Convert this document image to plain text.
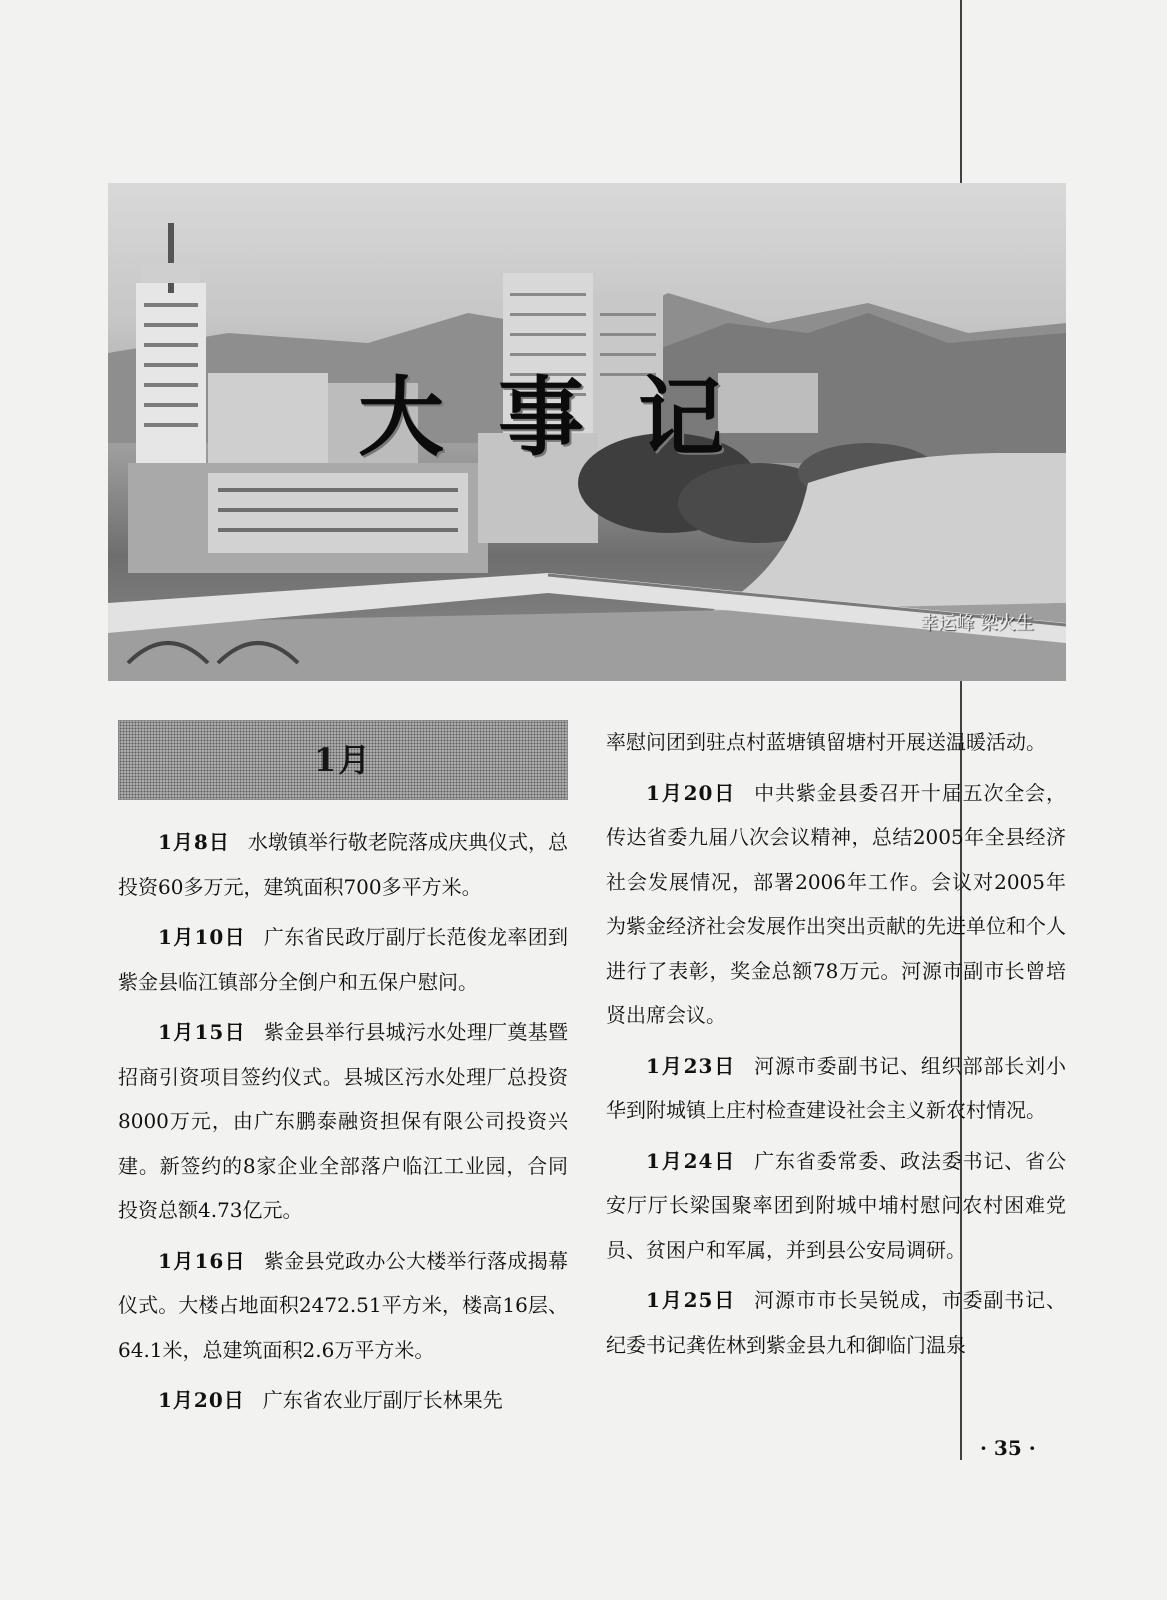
大事记
幸运峰 梁火生
1月

1月8日 水墩镇举行敬老院落成庆典仪式，总投资60多万元，建筑面积700多平方米。

1月10日 广东省民政厅副厅长范俊龙率团到紫金县临江镇部分全倒户和五保户慰问。

1月15日 紫金县举行县城污水处理厂奠基暨招商引资项目签约仪式。县城区污水处理厂总投资8000万元，由广东鹏泰融资担保有限公司投资兴建。新签约的8家企业全部落户临江工业园，合同投资总额4.73亿元。

1月16日 紫金县党政办公大楼举行落成揭幕仪式。大楼占地面积2472.51平方米，楼高16层、64.1米，总建筑面积2.6万平方米。

1月20日 广东省农业厅副厅长林果先

率慰问团到驻点村蓝塘镇留塘村开展送温暖活动。

1月20日 中共紫金县委召开十届五次全会，传达省委九届八次会议精神，总结2005年全县经济社会发展情况，部署2006年工作。会议对2005年为紫金经济社会发展作出突出贡献的先进单位和个人进行了表彰，奖金总额78万元。河源市副市长曾培贤出席会议。

1月23日 河源市委副书记、组织部部长刘小华到附城镇上庄村检查建设社会主义新农村情况。

1月24日 广东省委常委、政法委书记、省公安厅厅长梁国聚率团到附城中埔村慰问农村困难党员、贫困户和军属，并到县公安局调研。

1月25日 河源市市长吴锐成，市委副书记、纪委书记龚佐林到紫金县九和御临门温泉

· 35 ·
